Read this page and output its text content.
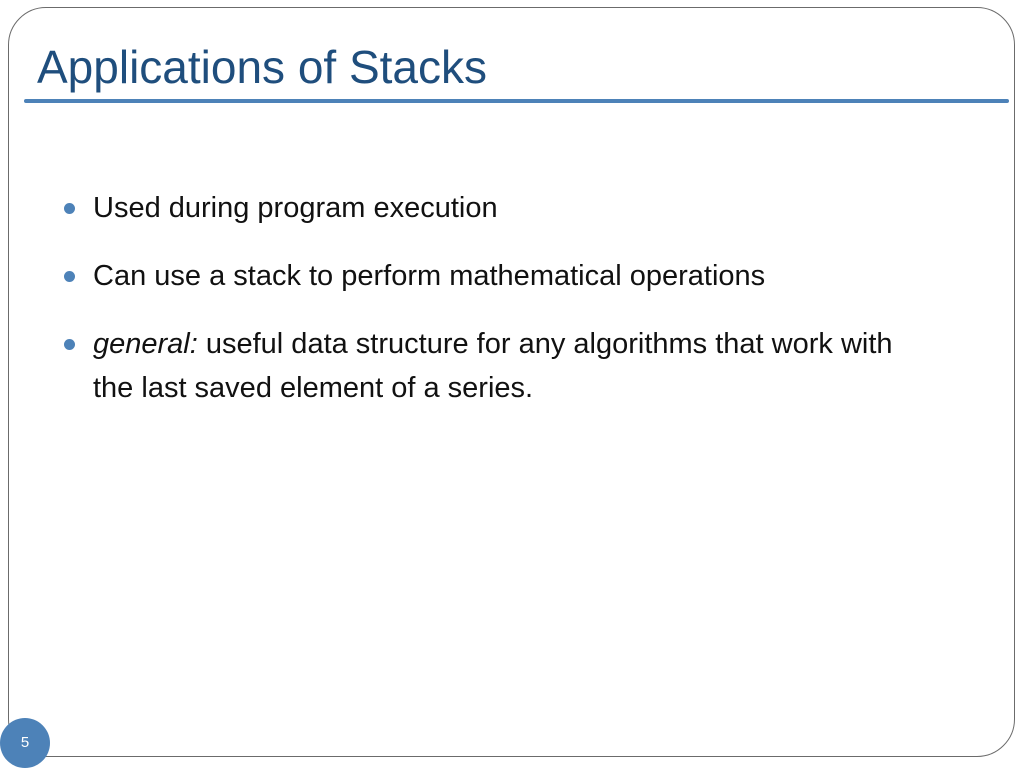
Applications of Stacks
Used during program execution
Can use a stack to perform mathematical operations
general: useful data structure for any algorithms that work with the last saved element of a series.
5
